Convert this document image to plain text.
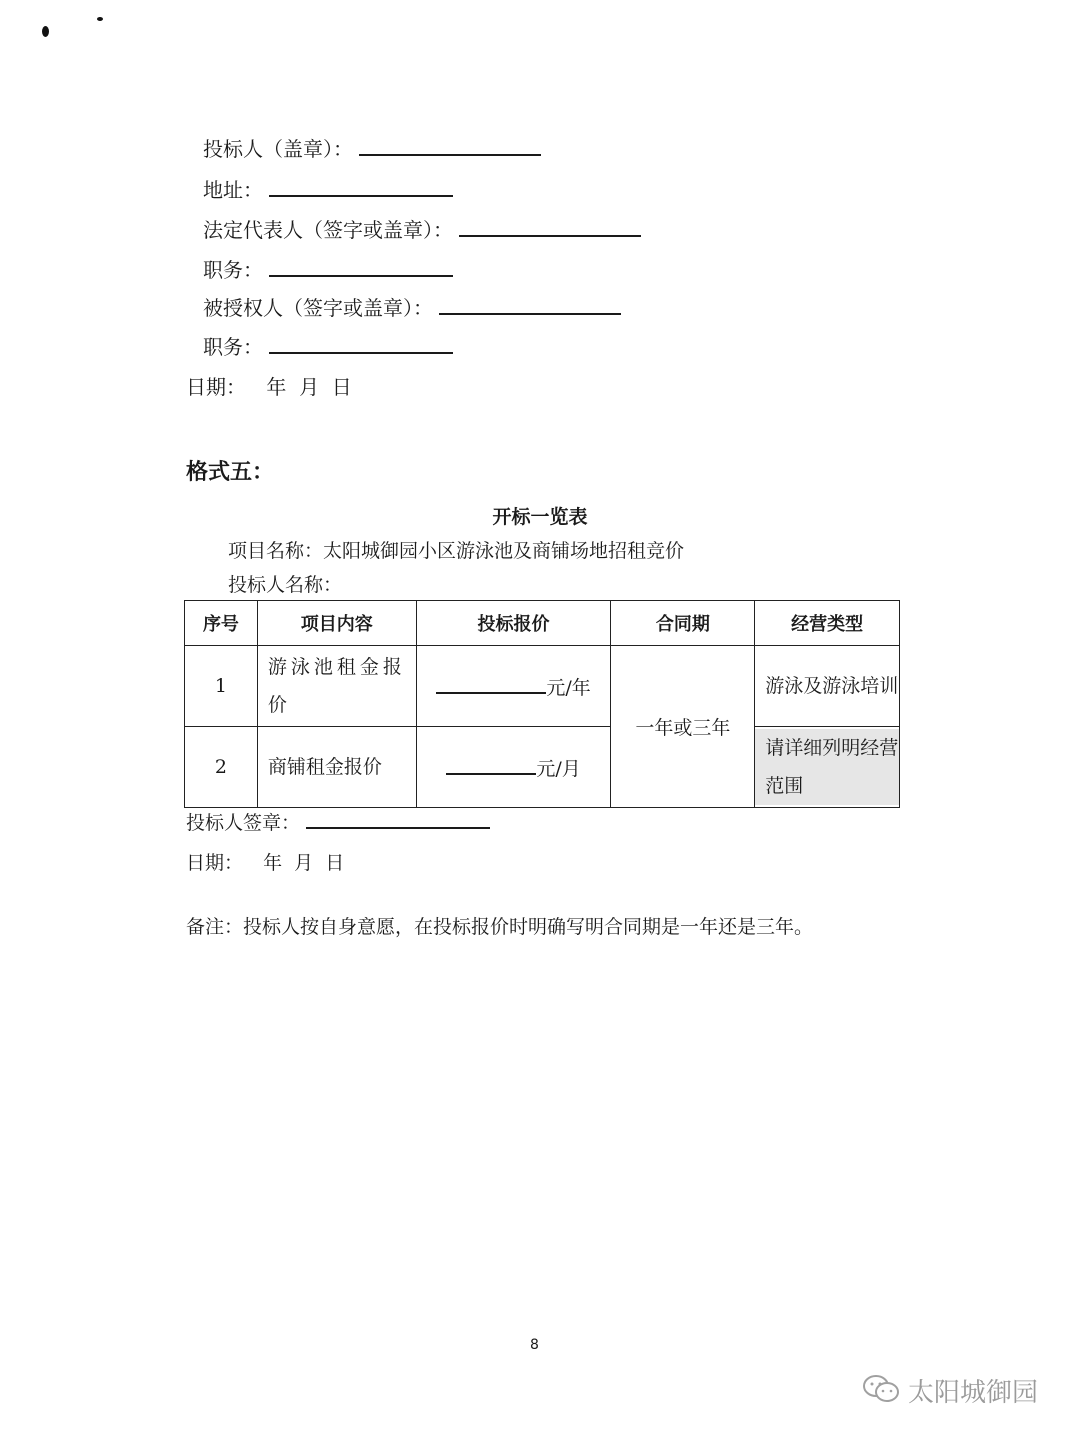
投标人（盖章）：
地址：
法定代表人（签字或盖章）：
职务：
被授权人（签字或盖章）：
职务：
日期： 年  月  日
格式五：
开标一览表
项目名称：太阳城御园小区游泳池及商铺场地招租竞价
投标人名称：
序号	项目内容	投标报价	合同期	经营类型
1	游泳池租金报价	元/年	一年或三年	游泳及游泳培训

2	商铺租金报价	元/月		请详细列明经营范围
投标人签章：
日期： 年  月  日
备注：投标人按自身意愿，在投标报价时明确写明合同期是一年还是三年。
8
太阳城御园
